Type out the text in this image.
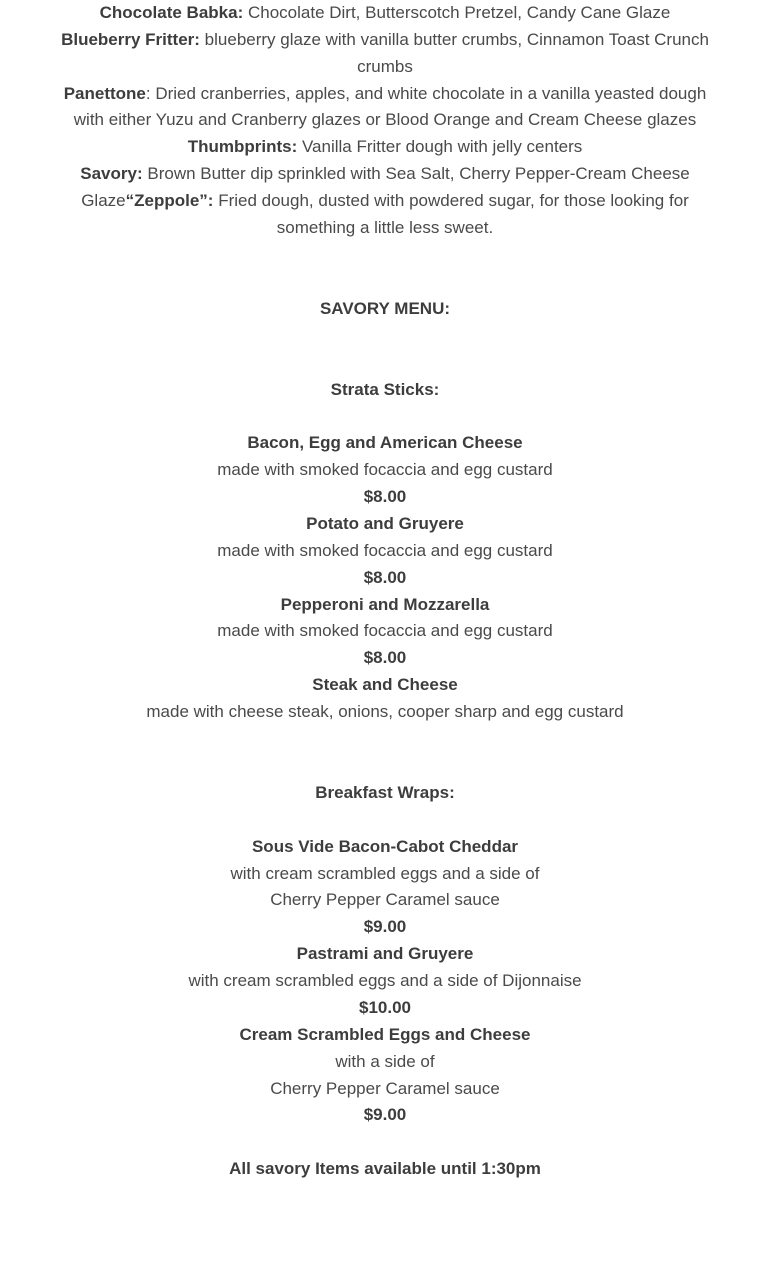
Chocolate Babka: Chocolate Dirt, Butterscotch Pretzel, Candy Cane Glaze

Blueberry Fritter: blueberry glaze with vanilla butter crumbs, Cinnamon Toast Crunch crumbs

Panettone: Dried cranberries, apples, and white chocolate in a vanilla yeasted dough with either Yuzu and Cranberry glazes or Blood Orange and Cream Cheese glazes

Thumbprints: Vanilla Fritter dough with jelly centers

Savory: Brown Butter dip sprinkled with Sea Salt, Cherry Pepper-Cream Cheese Glaze“Zeppole”: Fried dough, dusted with powdered sugar, for those looking for something a little less sweet.

SAVORY MENU:

Strata Sticks:

Bacon, Egg and American Cheese

made with smoked focaccia and egg custard

$8.00

Potato and Gruyere

made with smoked focaccia and egg custard

$8.00

Pepperoni and Mozzarella

made with smoked focaccia and egg custard

$8.00

Steak and Cheese

made with cheese steak, onions, cooper sharp and egg custard

Breakfast Wraps:

Sous Vide Bacon-Cabot Cheddar

with cream scrambled eggs and a side of

Cherry Pepper Caramel sauce

$9.00

Pastrami and Gruyere

with cream scrambled eggs and a side of Dijonnaise

$10.00

Cream Scrambled Eggs and Cheese

with a side of

Cherry Pepper Caramel sauce

$9.00

All savory Items available until 1:30pm
